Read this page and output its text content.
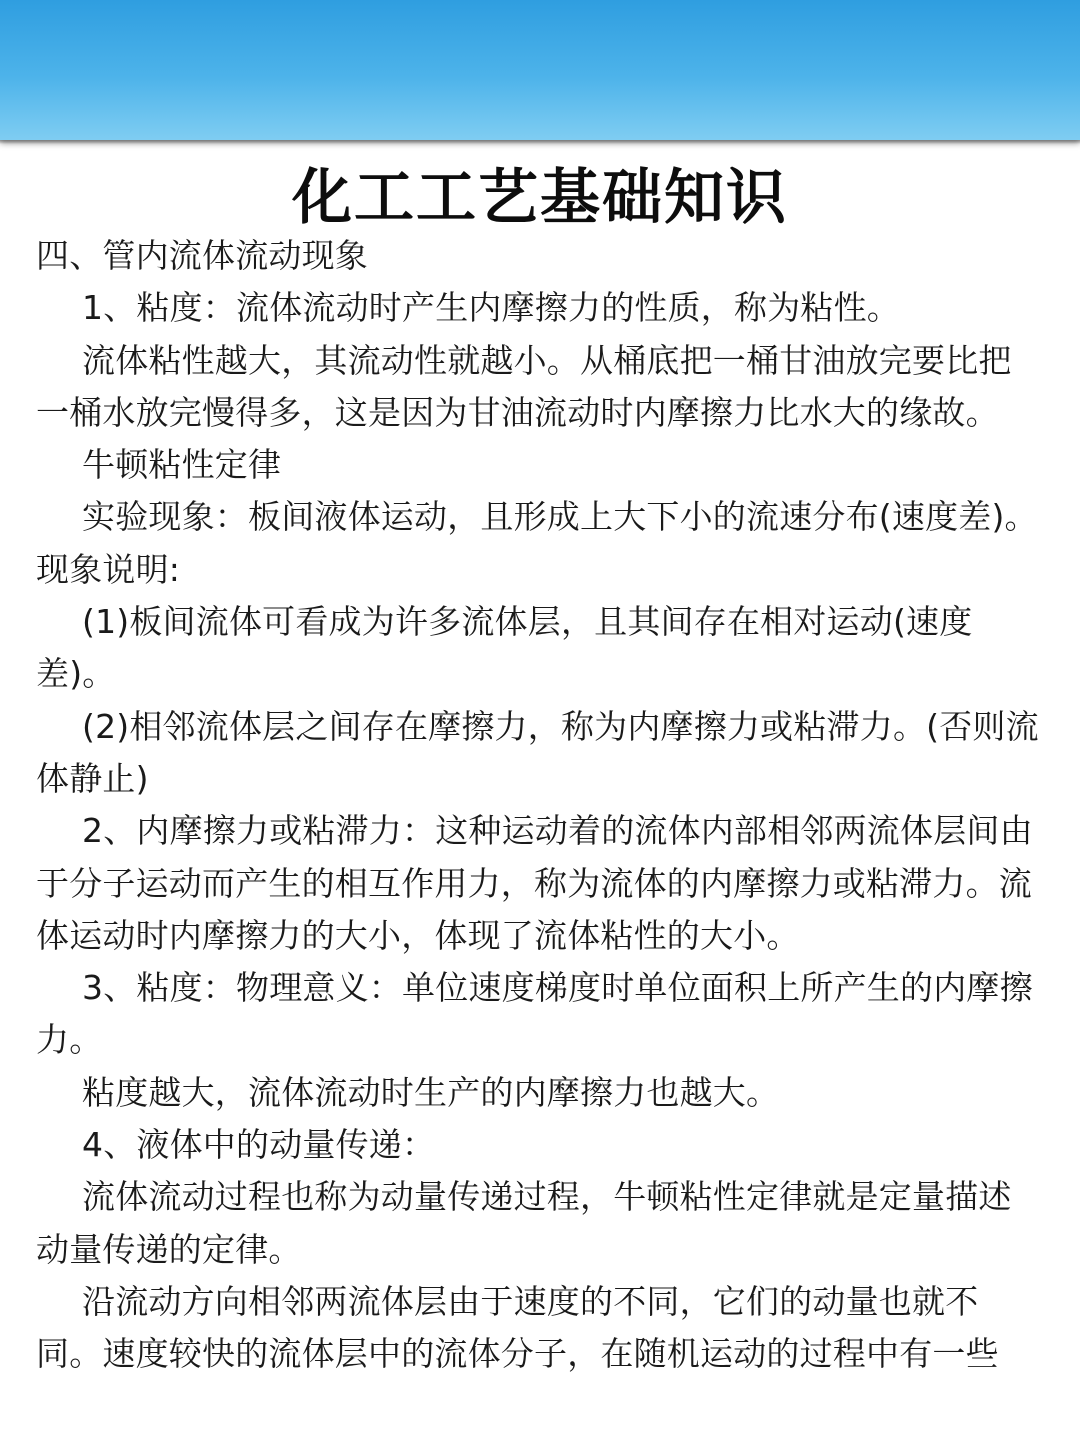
化工工艺基础知识

四、管内流体流动现象

1、粘度：流体流动时产生内摩擦力的性质，称为粘性。

流体粘性越大，其流动性就越小。从桶底把一桶甘油放完要比把一桶水放完慢得多，这是因为甘油流动时内摩擦力比水大的缘故。

牛顿粘性定律

实验现象：板间液体运动，且形成上大下小的流速分布(速度差)。现象说明:

(1)板间流体可看成为许多流体层，且其间存在相对运动(速度差)。

(2)相邻流体层之间存在摩擦力，称为内摩擦力或粘滞力。(否则流体静止)

2、内摩擦力或粘滞力：这种运动着的流体内部相邻两流体层间由于分子运动而产生的相互作用力，称为流体的内摩擦力或粘滞力。流体运动时内摩擦力的大小，体现了流体粘性的大小。

3、粘度：物理意义：单位速度梯度时单位面积上所产生的内摩擦力。

粘度越大，流体流动时生产的内摩擦力也越大。

4、液体中的动量传递：

流体流动过程也称为动量传递过程，牛顿粘性定律就是定量描述动量传递的定律。

沿流动方向相邻两流体层由于速度的不同，它们的动量也就不同。速度较快的流体层中的流体分子，在随机运动的过程中有一些
